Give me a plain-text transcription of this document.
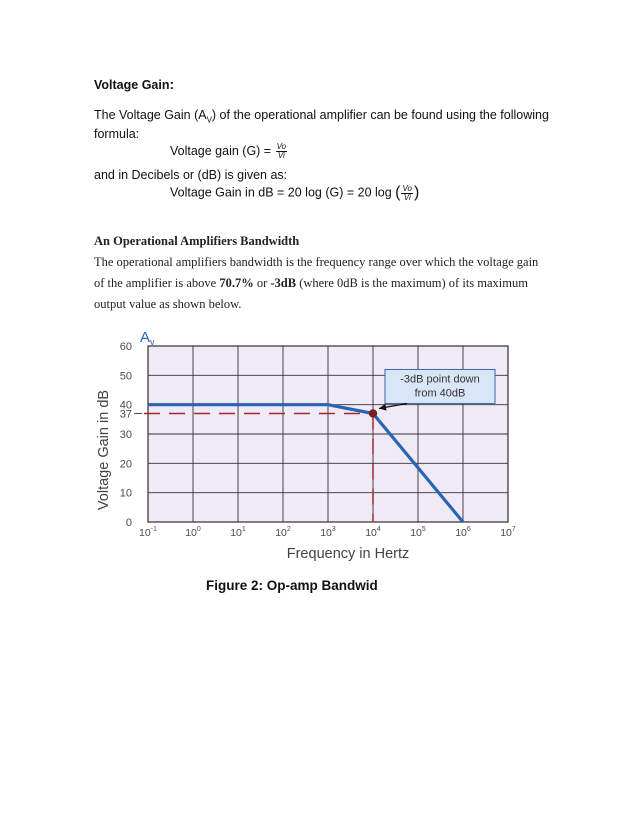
Voltage Gain:
The Voltage Gain $(A_V)$ of the operational amplifier can be found using the following
formula:
Voltage gain $(G) = \frac{Vo}{Vi}$
and in Decibels or (dB) is given as:
Voltage Gain in dB = 20 log (G) = 20 log ( $\frac{Vo}{Vi}$ )
An Operational Amplifiers Bandwidth
The operational amplifiers bandwidth is the frequency range over which the voltage gain
of the amplifier is above 70.7% or -3dB (where 0dB is the maximum) of its maximum
output value as shown below.
0
10
20
30
40
50
60
37
$10^{-1}$	$10^0$	$10^1$	$10^2$	$10^3$	$10^4$	$10^5$	$10^6$	$10^7$
-3dB point down
from 40dB
$A_v$
Voltage Gain in dB
Frequency in Hertz
Figure 2: Op-amp Bandwid
